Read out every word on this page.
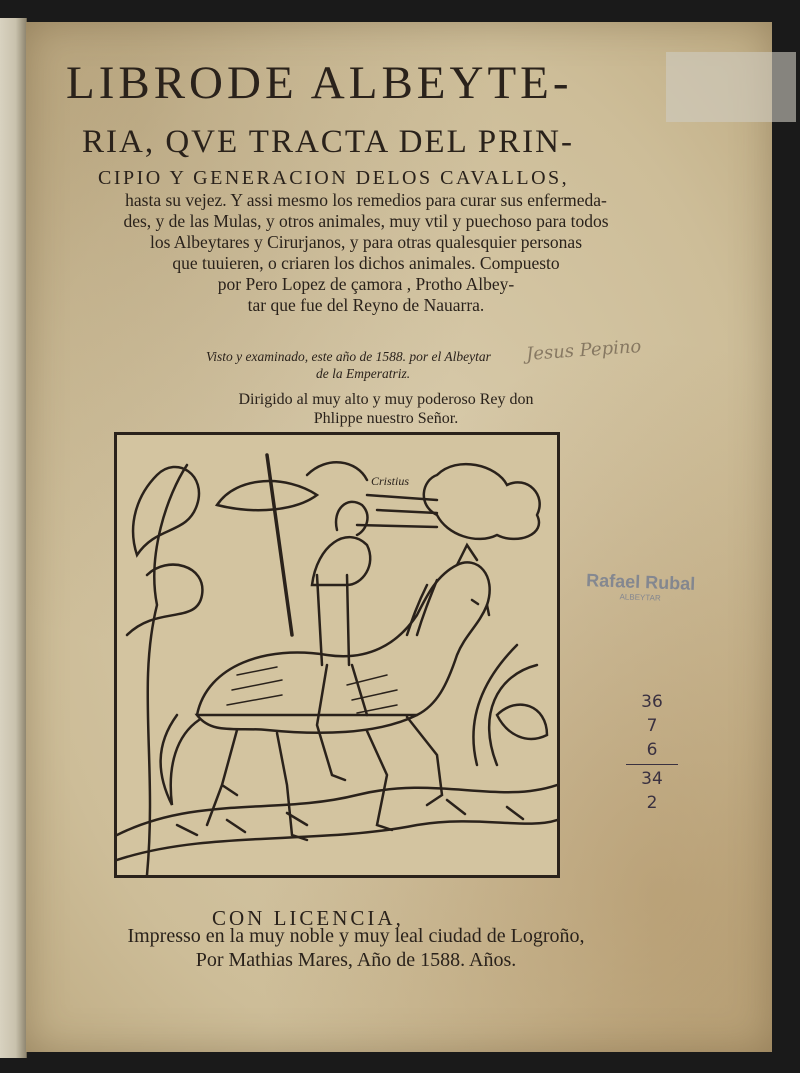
LIBRODE ALBEYTE-
RIA, QVE TRACTA DEL PRIN-
CIPIO Y GENERACION DELOS CAVALLOS,
hasta su vejez. Y assi mesmo los remedios para curar sus enfermeda-
des, y de las Mulas, y otros animales, muy vtil y puechoso para todos
los Albeytares y Cirurjanos, y para otras qualesquier personas
que tuuieren, o criaren los dichos animales. Compuesto
por Pero Lopez de çamora , Protho Albey-
tar que fue del Reyno de Nauarra.
Visto y examinado, este año de 1588. por el Albeytar
de la Emperatriz.
Dirigido al muy alto y muy poderoso Rey don
Phlippe nuestro Señor.
Jesus Pepino
Cristius
Rafael Rubal
ALBEYTAR
36
7
6
34
2
CON LICENCIA,
Impresso en la muy noble y muy leal ciudad de Logroño,
Por Mathias Mares, Año de 1588. Años.
